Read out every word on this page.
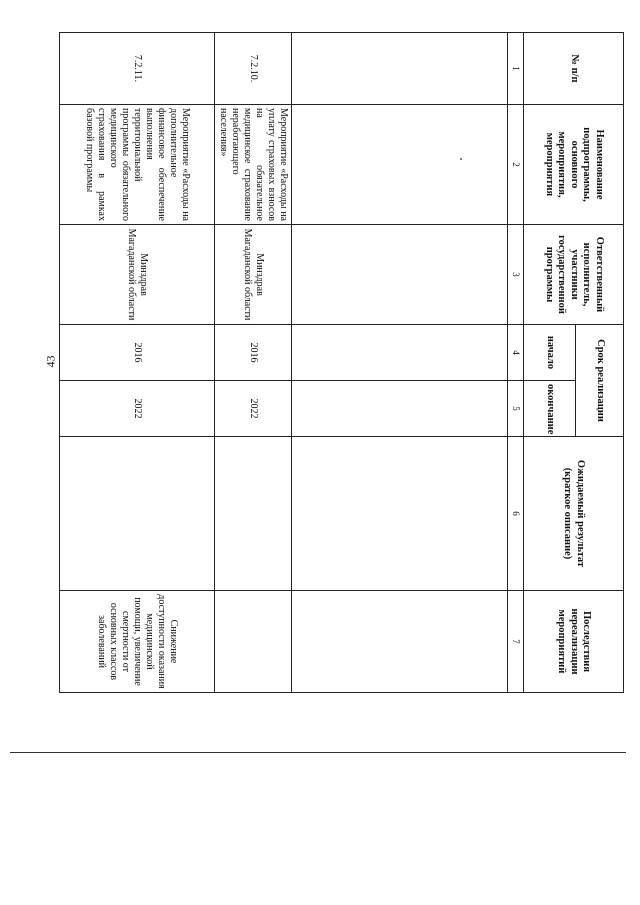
43
№ п/п	Наименование подпрограммы, основного мероприятия, мероприятия	Ответственный исполнитель, участники государственной программы	Срок реализации		Ожидаемый результат (краткое описание)	Последствия нереализации мероприятий
			начало	окончание		
1	2	3	4	5	6	7

7.2.10.	Мероприятие «Расходы на уплату страховых взносов на обязательное медицинское страхование неработающего населения»	Минздрав Магаданской области	2016	2022		
7.2.11.	Мероприятие «Расходы на дополнительное финансовое обеспечение выполнения территориальной программы обязательного медицинского страхования в рамках базовой программы	Минздрав Магаданской области	2016	2022		Снижение доступности оказания медицинской помощи, увеличение смертности от основных классов заболеваний
